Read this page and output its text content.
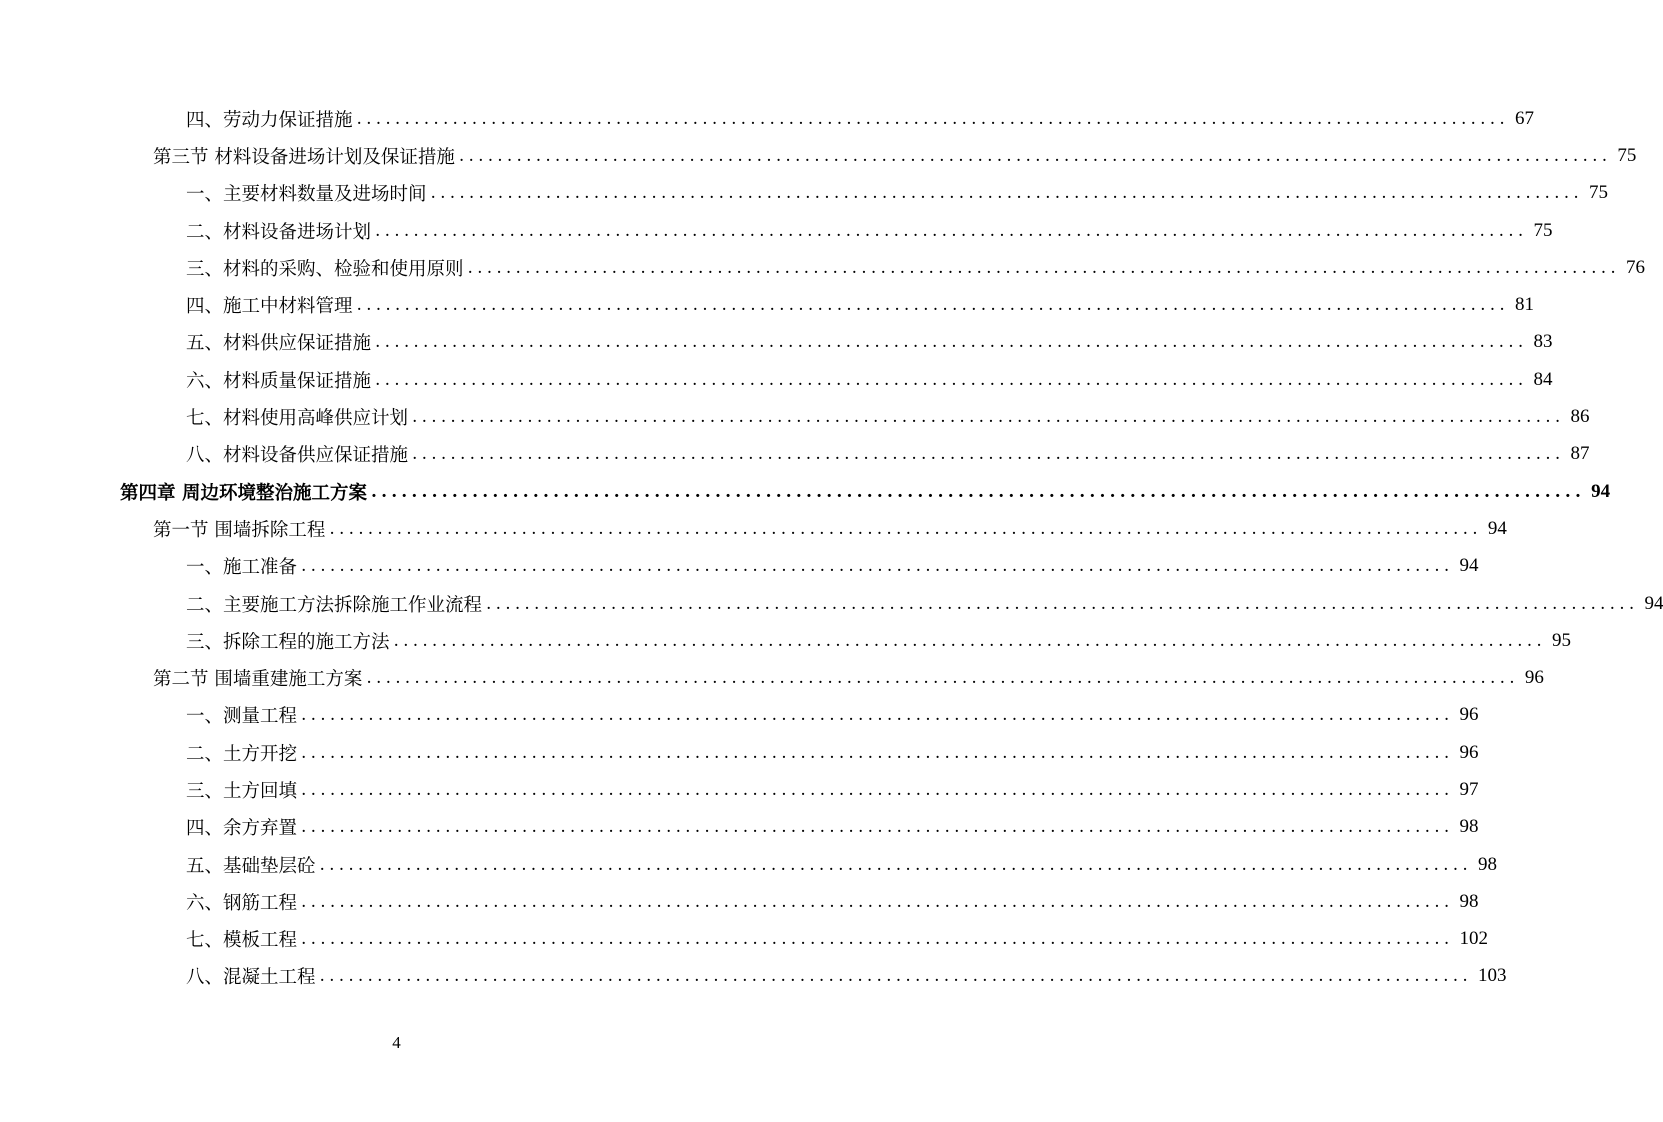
四、劳动力保证措施 ........................................................................................................................ 67
第三节 材料设备进场计划及保证措施 ........................................................................................................................ 75
一、主要材料数量及进场时间 ........................................................................................................................ 75
二、材料设备进场计划 ........................................................................................................................ 75
三、材料的采购、检验和使用原则 ........................................................................................................................ 76
四、施工中材料管理 ........................................................................................................................ 81
五、材料供应保证措施 ........................................................................................................................ 83
六、材料质量保证措施 ........................................................................................................................ 84
七、材料使用高峰供应计划 ........................................................................................................................ 86
八、材料设备供应保证措施 ........................................................................................................................ 87
第四章 周边环境整治施工方案 ........................................................................................................................ 94
第一节 围墙拆除工程 ........................................................................................................................ 94
一、施工准备 ........................................................................................................................ 94
二、主要施工方法拆除施工作业流程 ........................................................................................................................ 94
三、拆除工程的施工方法 ........................................................................................................................ 95
第二节 围墙重建施工方案 ........................................................................................................................ 96
一、测量工程 ........................................................................................................................ 96
二、土方开挖 ........................................................................................................................ 96
三、土方回填 ........................................................................................................................ 97
四、余方弃置 ........................................................................................................................ 98
五、基础垫层砼 ........................................................................................................................ 98
六、钢筋工程 ........................................................................................................................ 98
七、模板工程 ........................................................................................................................ 102
八、混凝土工程 ........................................................................................................................ 103
4
